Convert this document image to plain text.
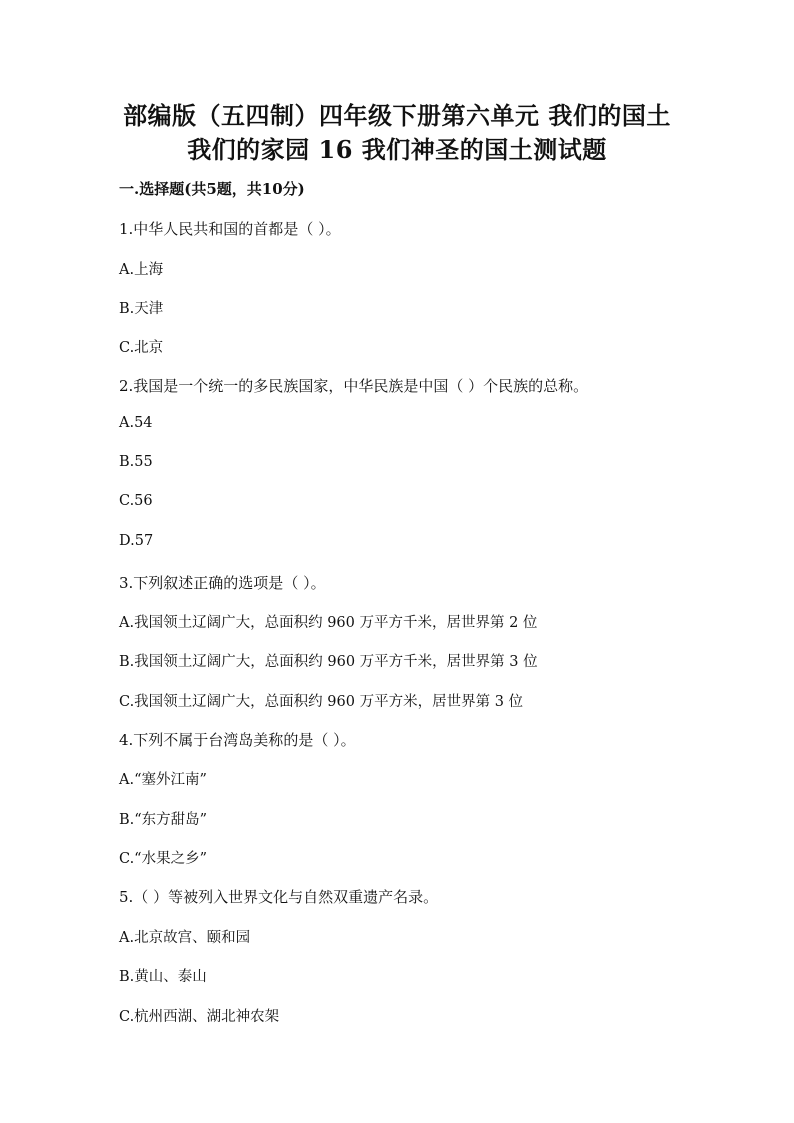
部编版（五四制）四年级下册第六单元 我们的国土
我们的家园 16 我们神圣的国土测试题
一.选择题(共5题，共10分)
1.中华人民共和国的首都是（ ）。
A.上海
B.天津
C.北京
2.我国是一个统一的多民族国家，中华民族是中国（ ）个民族的总称。
A.54
B.55
C.56
D.57
3.下列叙述正确的选项是（ ）。
A.我国领土辽阔广大，总面积约 960 万平方千米，居世界第 2 位
B.我国领土辽阔广大，总面积约 960 万平方千米，居世界第 3 位
C.我国领土辽阔广大，总面积约 960 万平方米，居世界第 3 位
4.下列不属于台湾岛美称的是（ ）。
A.“塞外江南”
B.“东方甜岛”
C.“水果之乡”
5.（ ）等被列入世界文化与自然双重遗产名录。
A.北京故宫、颐和园
B.黄山、泰山
C.杭州西湖、湖北神农架
